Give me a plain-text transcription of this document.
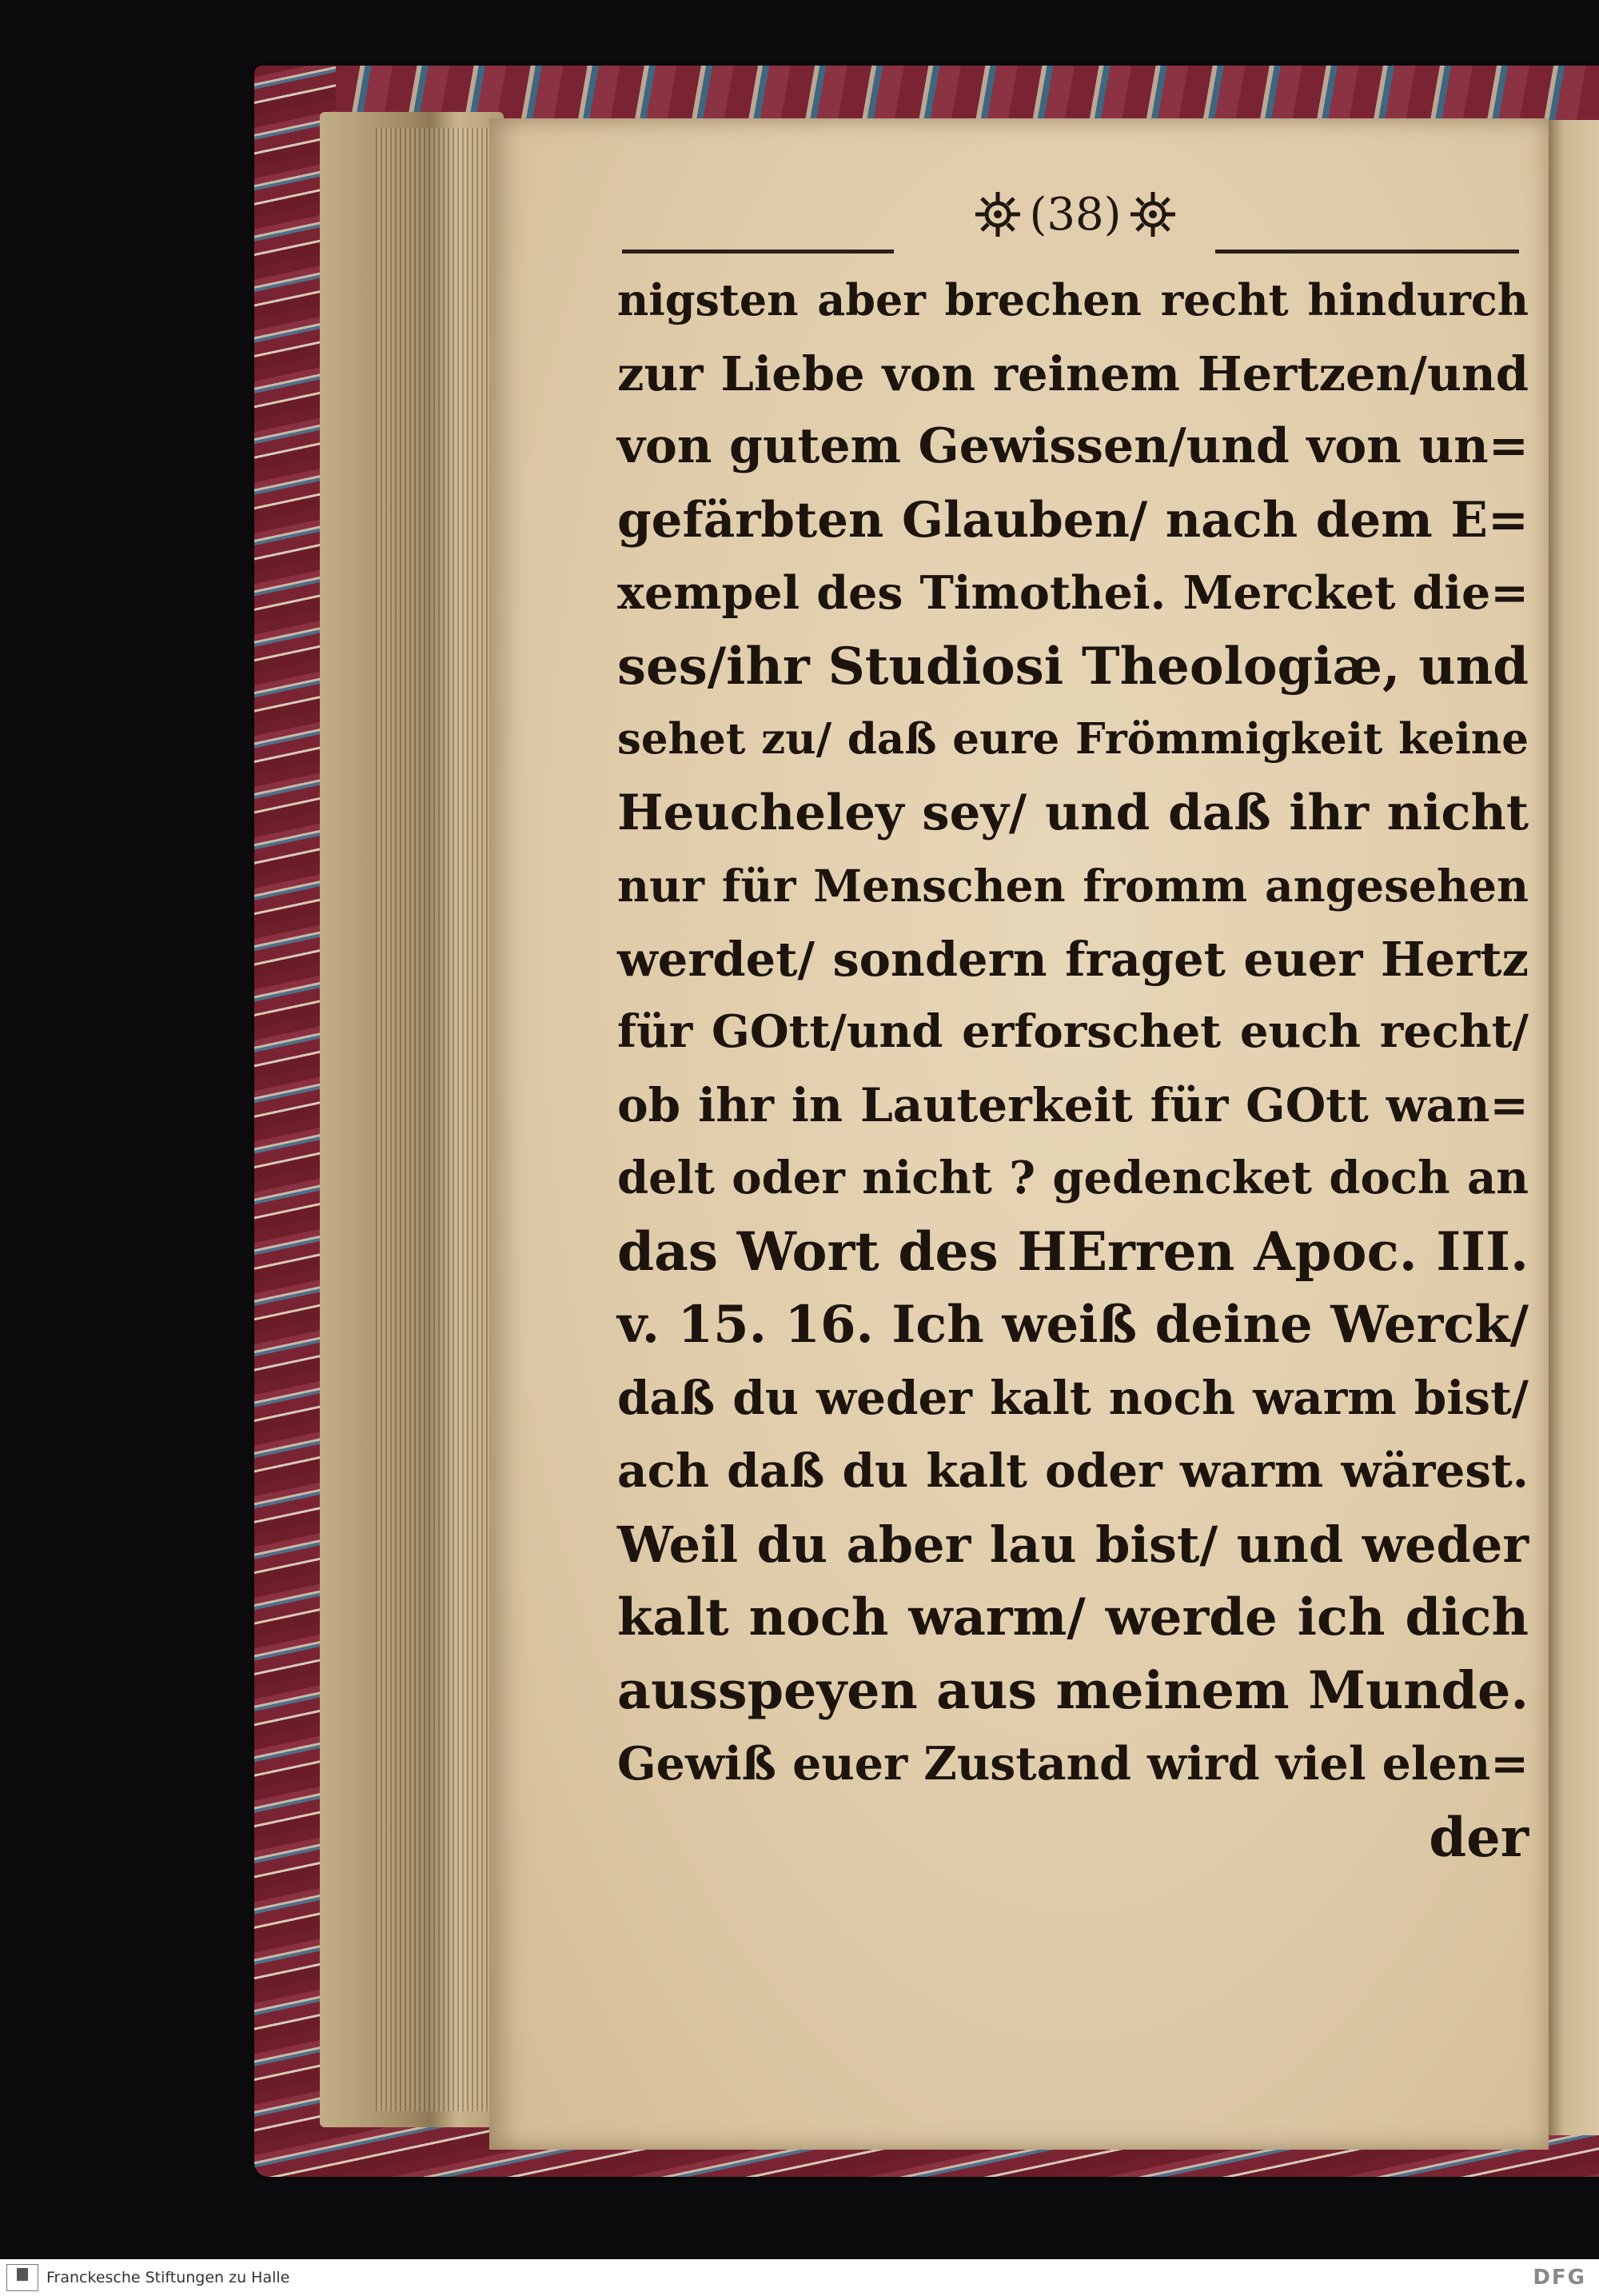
(38)
nigsten aber brechen recht hindurch
zur Liebe von reinem Hertzen/und
von gutem Gewissen/und von un=
gefärbten Glauben/ nach dem E=
xempel des Timothei. Mercket die=
ses/ihr Studiosi Theologiæ, und
sehet zu/ daß eure Frömmigkeit keine
Heucheley sey/ und daß ihr nicht
nur für Menschen fromm angesehen
werdet/ sondern fraget euer Hertz
für GOtt/und erforschet euch recht/
ob ihr in Lauterkeit für GOtt wan=
delt oder nicht ? gedencket doch an
das Wort des HErren Apoc. III.
v. 15. 16. Ich weiß deine Werck/
daß du weder kalt noch warm bist/
ach daß du kalt oder warm wärest.
Weil du aber lau bist/ und weder
kalt noch warm/ werde ich dich
ausspeyen aus meinem Munde.
Gewiß euer Zustand wird viel elen=
der
Franckesche Stiftungen zu Halle	DFG
